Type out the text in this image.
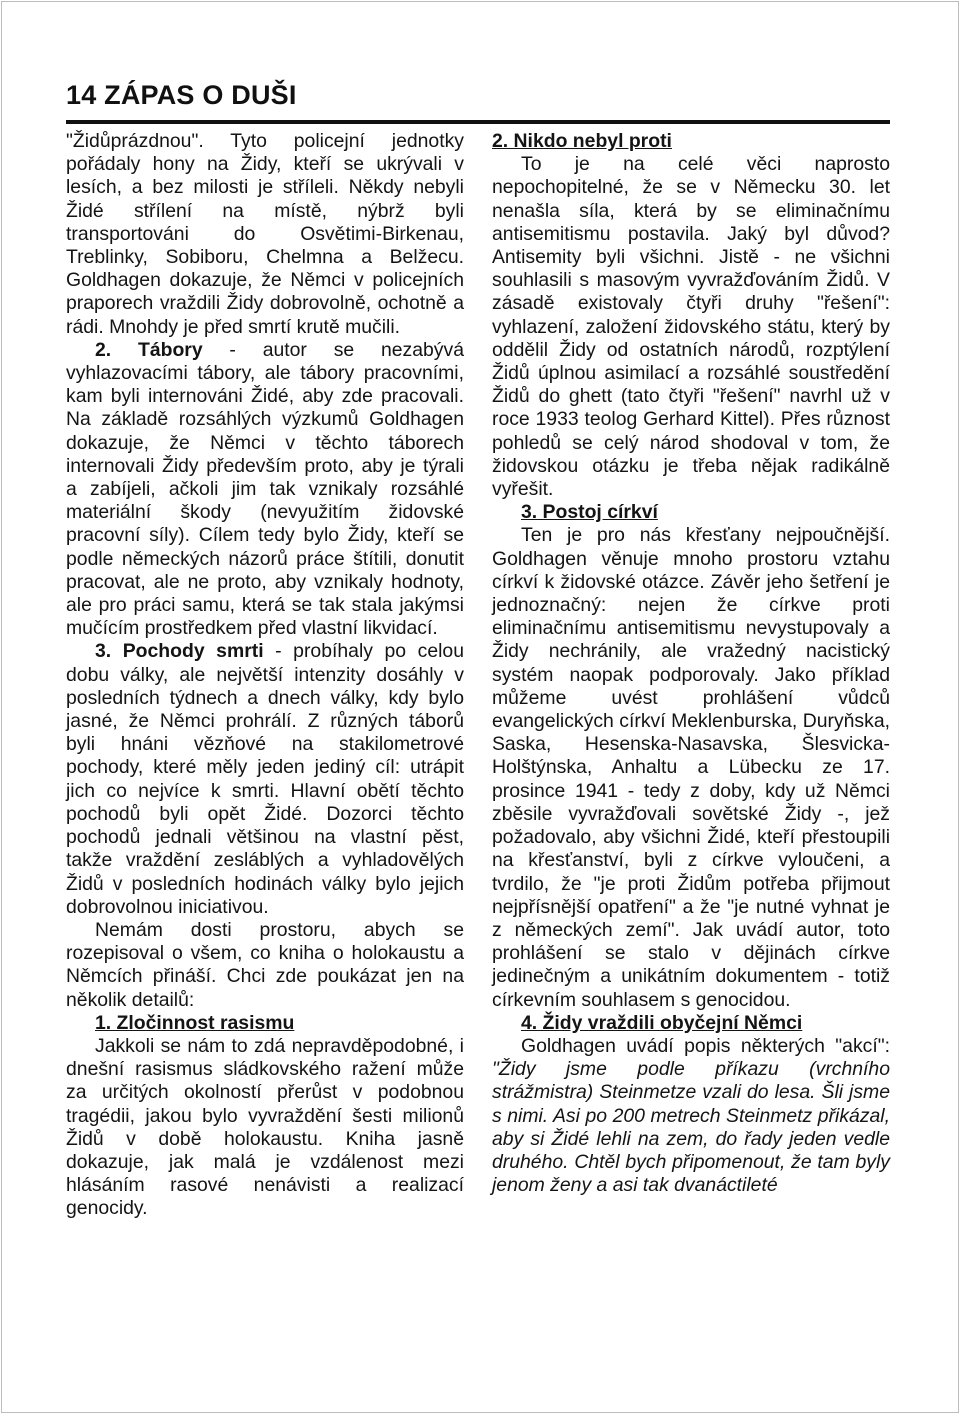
14 ZÁPAS O DUŠI

"Židůprázdnou". Tyto policejní jednotky pořádaly hony na Židy, kteří se ukrývali v lesích, a bez milosti je stříleli. Někdy nebyli Židé střílení na místě, nýbrž byli transportováni do Osvětimi-Birkenau, Treblinky, Sobiboru, Chelmna a Belžecu. Goldhagen dokazuje, že Němci v policejních praporech vraždili Židy dobrovolně, ochotně a rádi. Mnohdy je před smrtí krutě mučili.

2. Tábory - autor se nezabývá vyhlazovacími tábory, ale tábory pracovními, kam byli internováni Židé, aby zde pracovali. Na základě rozsáhlých výzkumů Goldhagen dokazuje, že Němci v těchto táborech internovali Židy především proto, aby je týrali a zabíjeli, ačkoli jim tak vznikaly rozsáhlé materiální škody (nevyužitím židovské pracovní síly). Cílem tedy bylo Židy, kteří se podle německých názorů práce štítili, donutit pracovat, ale ne proto, aby vznikaly hodnoty, ale pro práci samu, která se tak stala jakýmsi mučícím prostředkem před vlastní likvidací.

3. Pochody smrti - probíhaly po celou dobu války, ale největší intenzity dosáhly v posledních týdnech a dnech války, kdy bylo jasné, že Němci prohrálí. Z různých táborů byli hnáni vězňové na stakilometrové pochody, které měly jeden jediný cíl: utrápit jich co nejvíce k smrti. Hlavní obětí těchto pochodů byli opět Židé. Dozorci těchto pochodů jednali většinou na vlastní pěst, takže vraždění zesláblých a vyhladovělých Židů v posledních hodinách války bylo jejich dobrovolnou iniciativou.

Nemám dosti prostoru, abych se rozepisoval o všem, co kniha o holokaustu a Němcích přináší. Chci zde poukázat jen na několik detailů:

1. Zločinnost rasismu

Jakkoli se nám to zdá nepravděpodobné, i dnešní rasismus sládkovského ražení může za určitých okolností přerůst v podobnou tragédii, jakou bylo vyvraždění šesti milionů Židů v době holokaustu. Kniha jasně dokazuje, jak malá je vzdálenost mezi hlásáním rasové nenávisti a realizací genocidy.

2. Nikdo nebyl proti

To je na celé věci naprosto nepochopitelné, že se v Německu 30. let nenašla síla, která by se eliminačnímu antisemitismu postavila. Jaký byl důvod? Antisemity byli všichni. Jistě - ne všichni souhlasili s masovým vyvražďováním Židů. V zásadě existovaly čtyři druhy "řešení": vyhlazení, založení židovského státu, který by oddělil Židy od ostatních národů, rozptýlení Židů úplnou asimilací a rozsáhlé soustředění Židů do ghett (tato čtyři "řešení" navrhl už v roce 1933 teolog Gerhard Kittel). Přes různost pohledů se celý národ shodoval v tom, že židovskou otázku je třeba nějak radikálně vyřešit.

3. Postoj církví

Ten je pro nás křesťany nejpoučnější. Goldhagen věnuje mnoho prostoru vztahu církví k židovské otázce. Závěr jeho šetření je jednoznačný: nejen že církve proti eliminačnímu antisemitismu nevystupovaly a Židy nechránily, ale vražedný nacistický systém naopak podporovaly. Jako příklad můžeme uvést prohlášení vůdců evangelických církví Meklenburska, Duryňska, Saska, Hesenska-Nasavska, Šlesvicka-Holštýnska, Anhaltu a Lübecku ze 17. prosince 1941 - tedy z doby, kdy už Němci zběsile vyvražďovali sovětské Židy -, jež požadovalo, aby všichni Židé, kteří přestoupili na křesťanství, byli z církve vyloučeni, a tvrdilo, že "je proti Židům potřeba přijmout nejpřísnější opatření" a že "je nutné vyhnat je z německých zemí". Jak uvádí autor, toto prohlášení se stalo v dějinách církve jedinečným a unikátním dokumentem - totiž církevním souhlasem s genocidou.

4. Židy vraždili obyčejní Němci

Goldhagen uvádí popis některých "akcí": "Židy jsme podle příkazu (vrchního strážmistra) Steinmetze vzali do lesa. Šli jsme s nimi. Asi po 200 metrech Steinmetz přikázal, aby si Židé lehli na zem, do řady jeden vedle druhého. Chtěl bych připomenout, že tam byly jenom ženy a asi tak dvanáctileté
